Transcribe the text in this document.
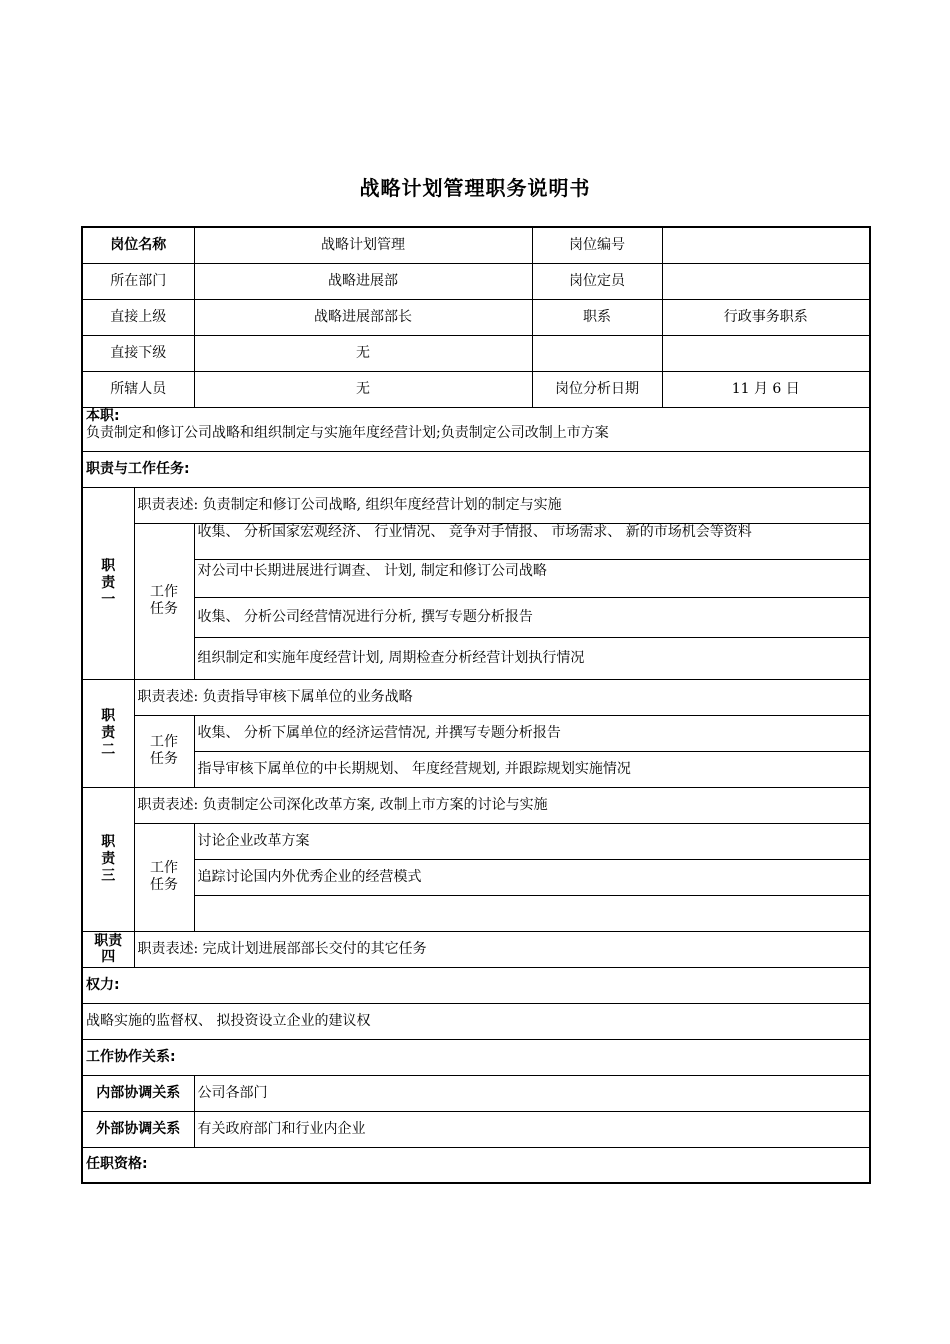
战略计划管理职务说明书
岗位名称		战略计划管理	岗位编号	
所在部门		战略进展部	岗位定员	
直接上级		战略进展部部长	职系	行政事务职系
直接下级		无		
所辖人员		无	岗位分析日期	11 月 6 日

本职:
负责制定和修订公司战略和组织制定与实施年度经营计划;负责制定公司改制上市方案				
职责与工作任务:				
职责一	职责表述: 负责制定和修订公司战略, 组织年度经营计划的制定与实施			
	工作任务	收集、 分析国家宏观经济、 行业情况、 竞争对手情报、 市场需求、 新的市场机会等资料		
		对公司中长期进展进行调查、 计划, 制定和修订公司战略		
		收集、 分析公司经营情况进行分析, 撰写专题分析报告		
		组织制定和实施年度经营计划, 周期检查分析经营计划执行情况		
职责二	职责表述: 负责指导审核下属单位的业务战略			
	工作任务	收集、 分析下属单位的经济运营情况, 并撰写专题分析报告		
		指导审核下属单位的中长期规划、 年度经营规划, 并跟踪规划实施情况		
职责三	职责表述: 负责制定公司深化改革方案, 改制上市方案的讨论与实施			
	工作任务	讨论企业改革方案		
		追踪讨论国内外优秀企业的经营模式		

职责四	职责表述: 完成计划进展部部长交付的其它任务			
权力:				
战略实施的监督权、 拟投资设立企业的建议权				
工作协作关系:				
内部协调关系		公司各部门		
外部协调关系		有关政府部门和行业内企业		
任职资格:				
